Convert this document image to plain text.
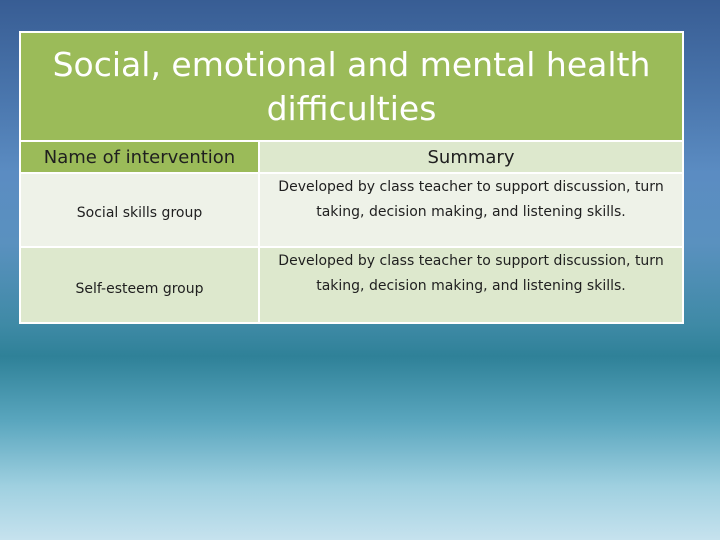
Social, emotional and mental health difficulties
Name of intervention	Summary
Social skills group
Developed by class teacher to support discussion, turn taking, decision making, and listening skills.
Self-esteem group
Developed by class teacher to support discussion, turn taking, decision making, and listening skills.
